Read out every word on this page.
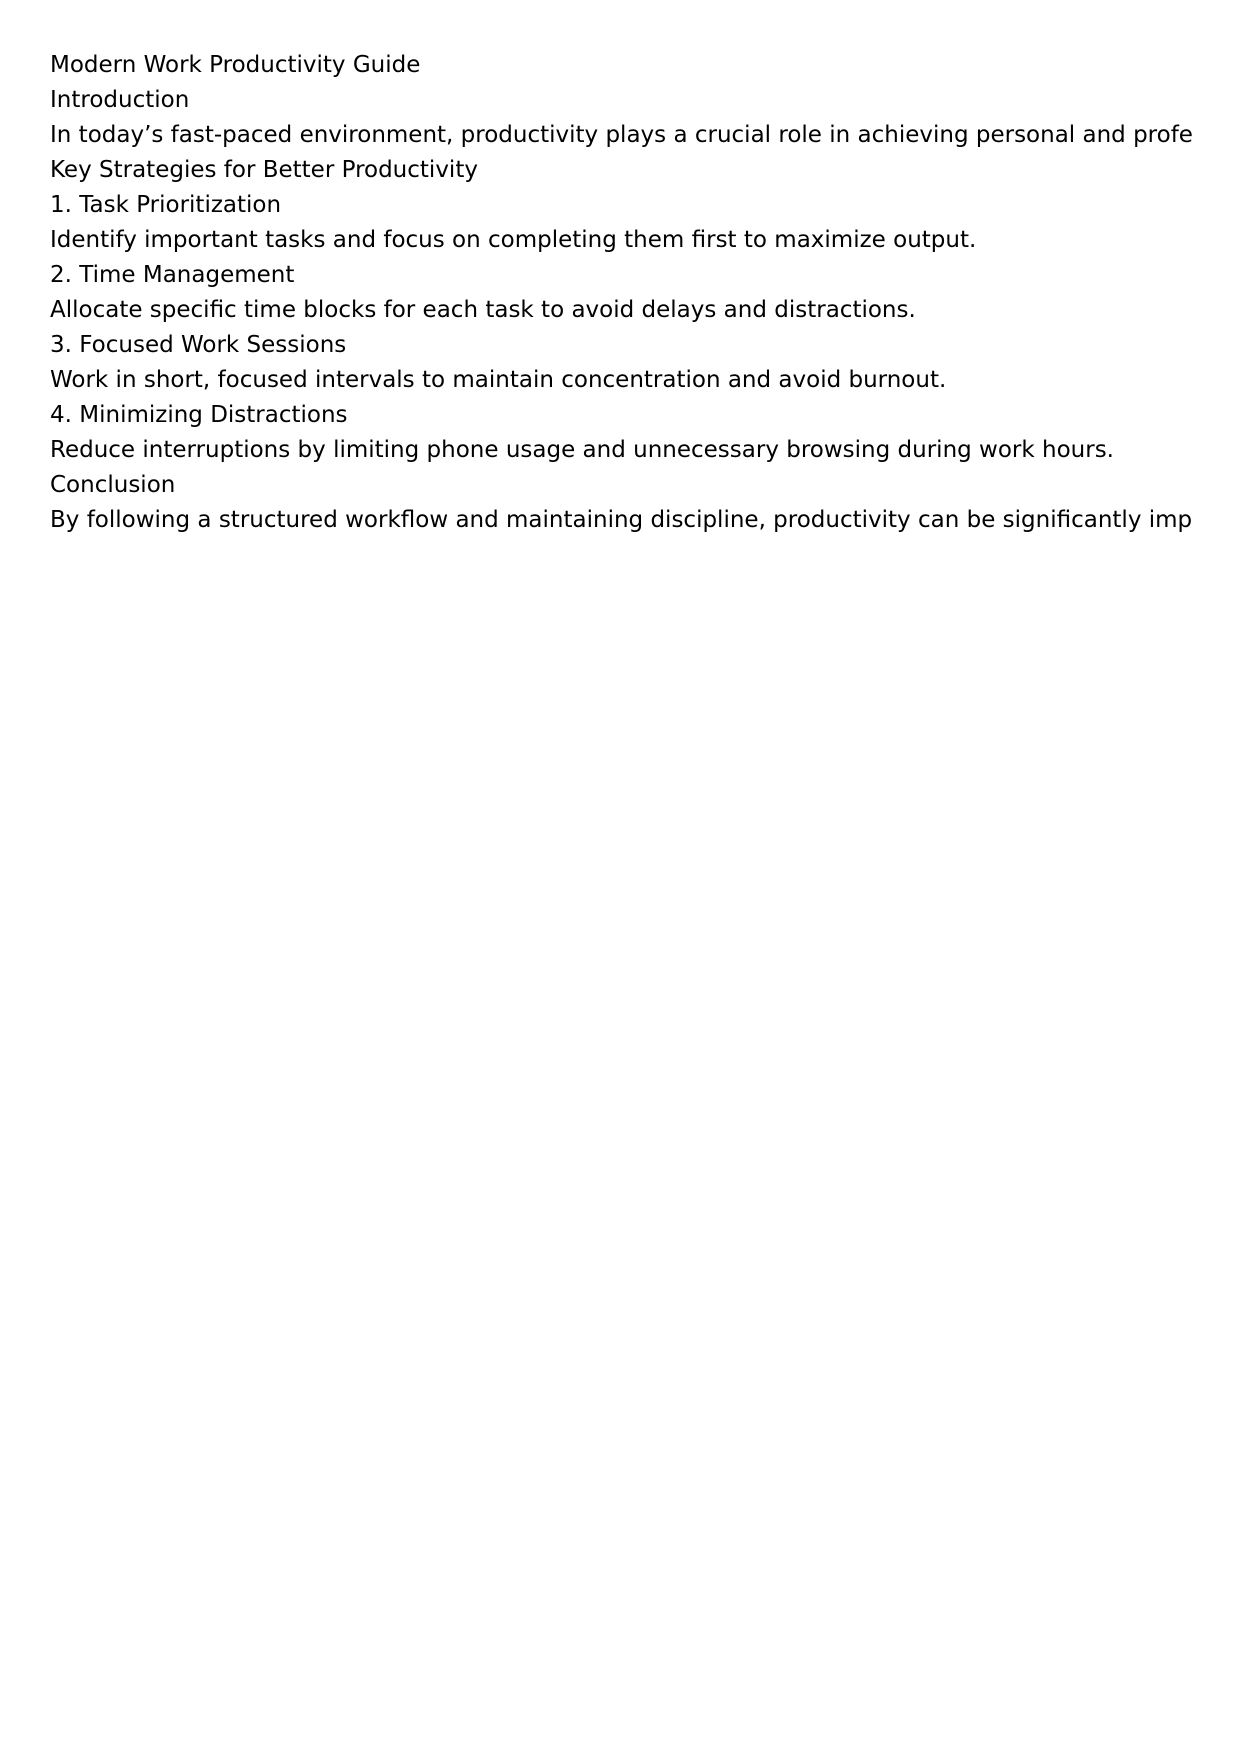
Modern Work Productivity Guide
Introduction
In today’s fast-paced environment, productivity plays a crucial role in achieving personal and profe
Key Strategies for Better Productivity
1. Task Prioritization
Identify important tasks and focus on completing them first to maximize output.
2. Time Management
Allocate specific time blocks for each task to avoid delays and distractions.
3. Focused Work Sessions
Work in short, focused intervals to maintain concentration and avoid burnout.
4. Minimizing Distractions
Reduce interruptions by limiting phone usage and unnecessary browsing during work hours.
Conclusion
By following a structured workflow and maintaining discipline, productivity can be significantly imp
